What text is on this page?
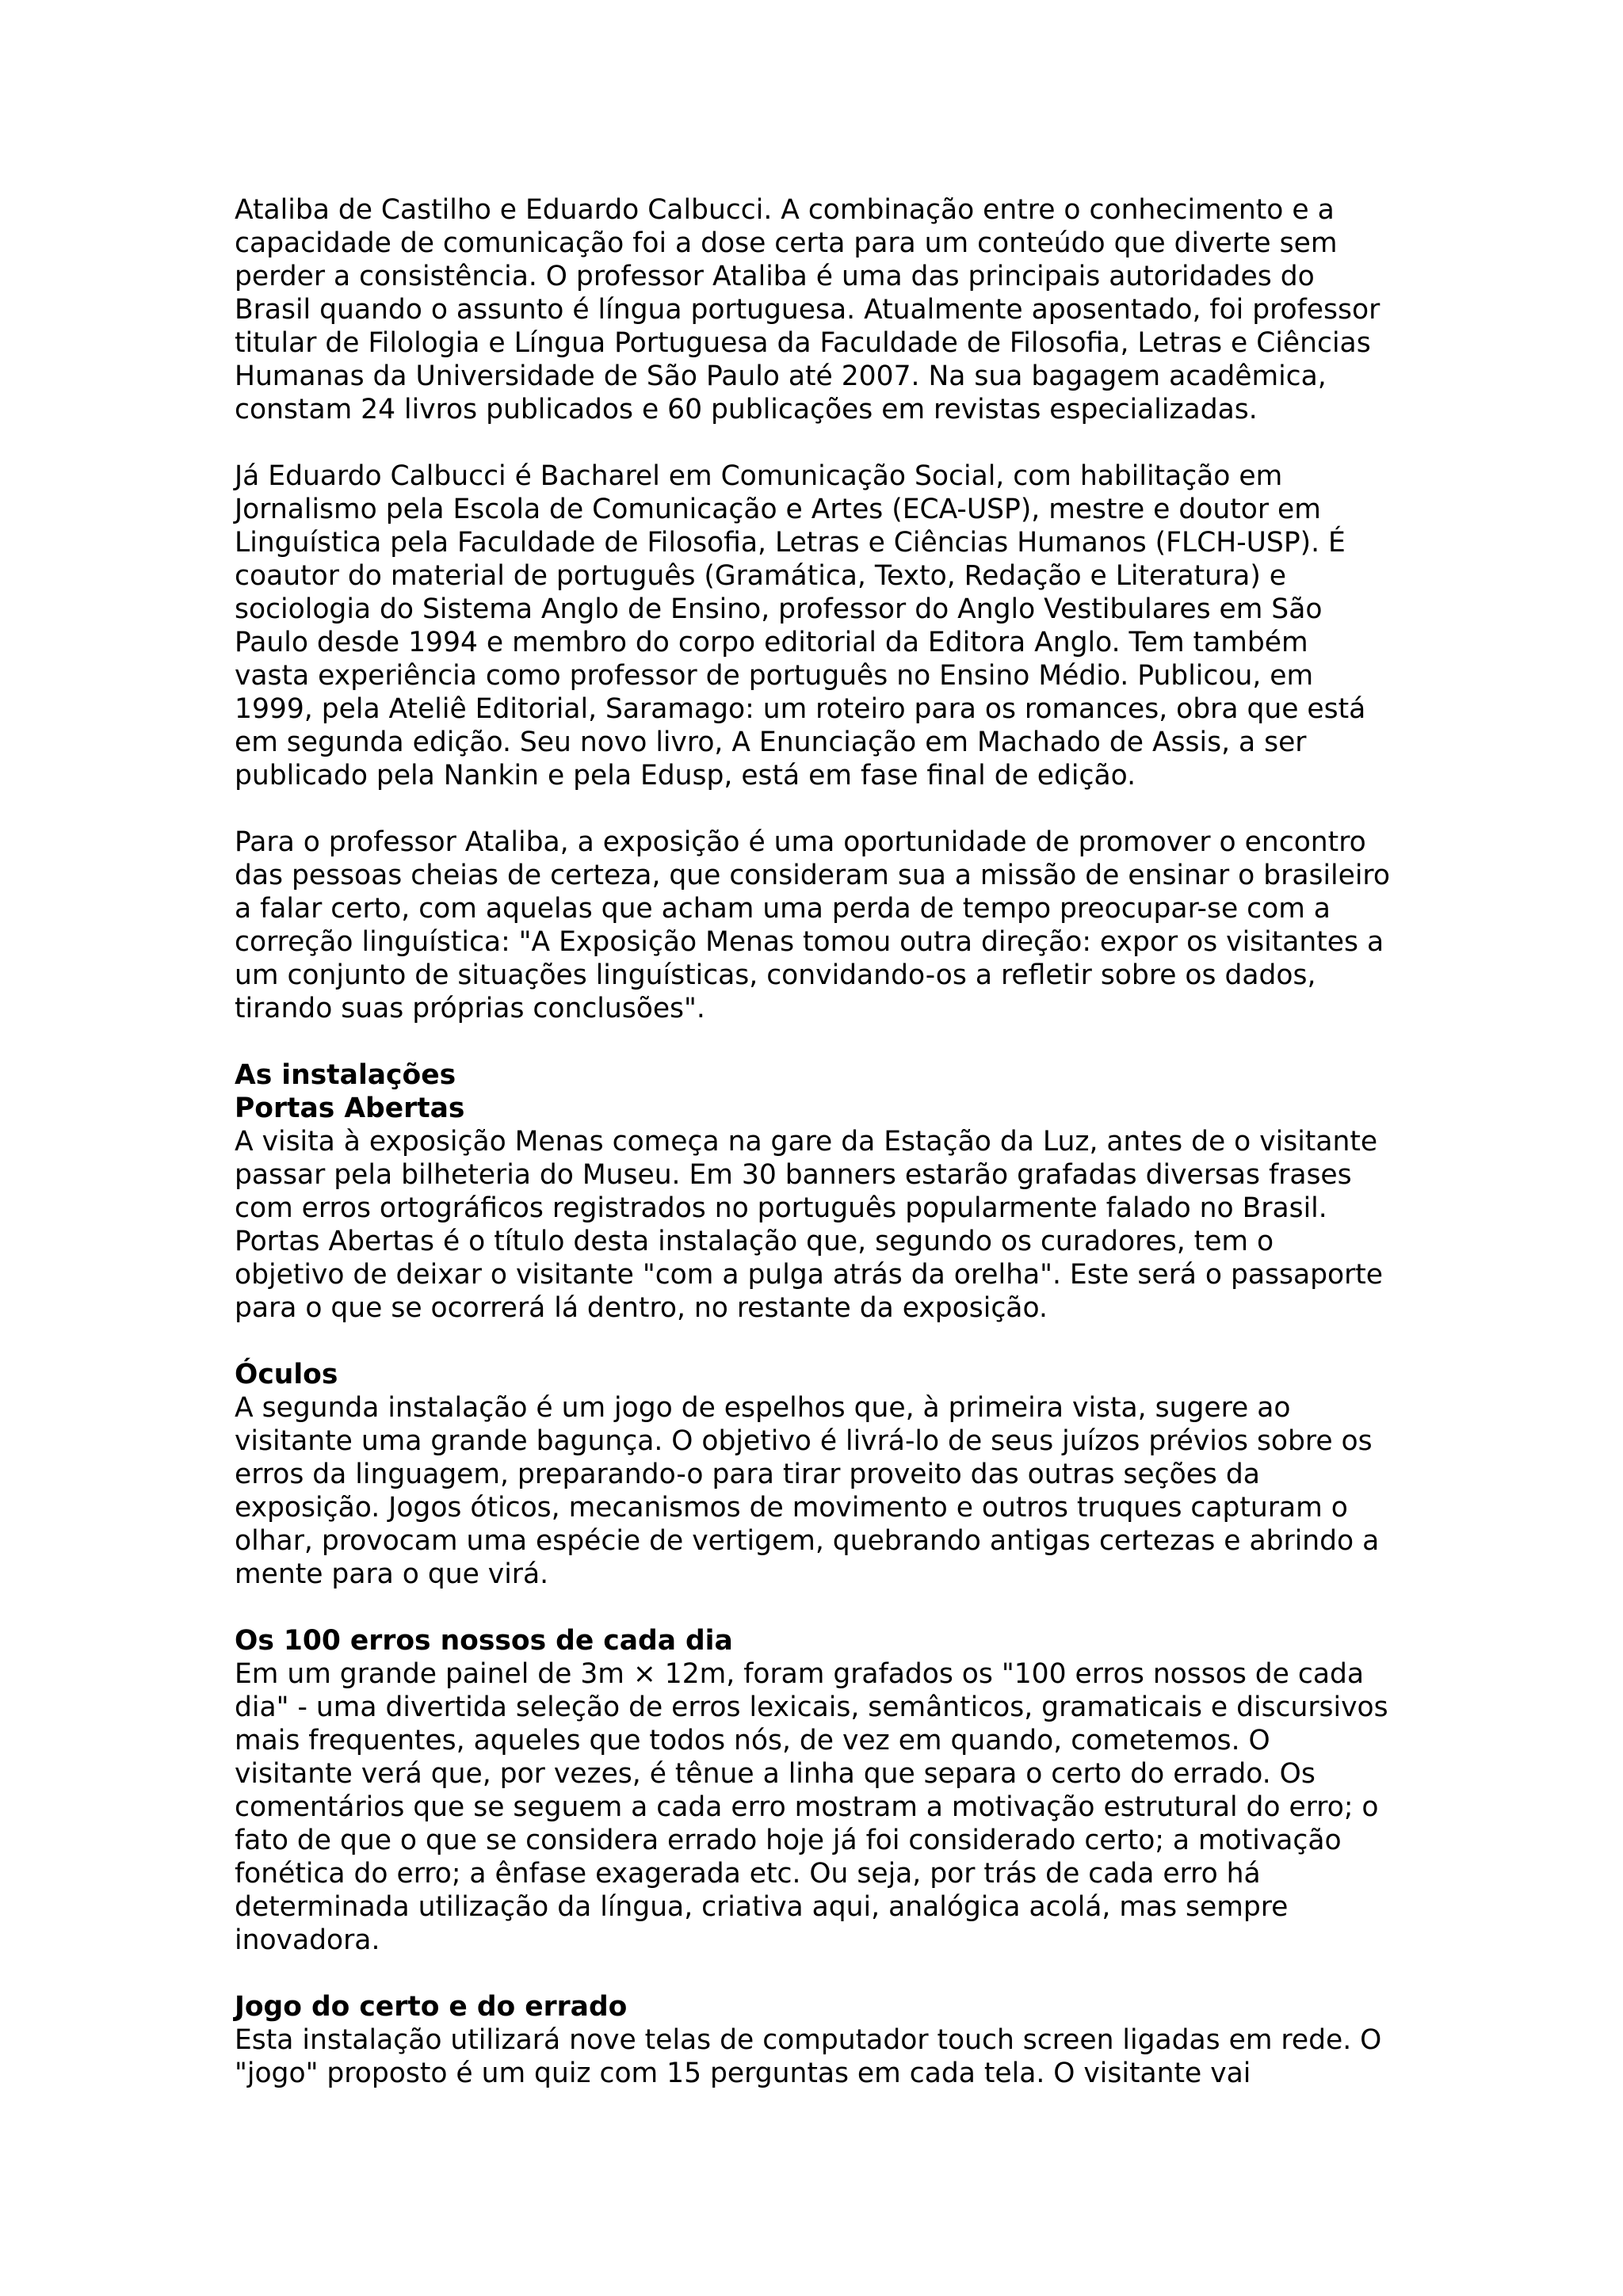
Ataliba de Castilho e Eduardo Calbucci. A combinação entre o conhecimento e a
capacidade de comunicação foi a dose certa para um conteúdo que diverte sem
perder a consistência. O professor Ataliba é uma das principais autoridades do
Brasil quando o assunto é língua portuguesa. Atualmente aposentado, foi professor
titular de Filologia e Língua Portuguesa da Faculdade de Filosofia, Letras e Ciências
Humanas da Universidade de São Paulo até 2007. Na sua bagagem acadêmica,
constam 24 livros publicados e 60 publicações em revistas especializadas.

Já Eduardo Calbucci é Bacharel em Comunicação Social, com habilitação em
Jornalismo pela Escola de Comunicação e Artes (ECA-USP), mestre e doutor em
Linguística pela Faculdade de Filosofia, Letras e Ciências Humanos (FLCH-USP). É
coautor do material de português (Gramática, Texto, Redação e Literatura) e
sociologia do Sistema Anglo de Ensino, professor do Anglo Vestibulares em São
Paulo desde 1994 e membro do corpo editorial da Editora Anglo. Tem também
vasta experiência como professor de português no Ensino Médio. Publicou, em
1999, pela Ateliê Editorial, Saramago: um roteiro para os romances, obra que está
em segunda edição. Seu novo livro, A Enunciação em Machado de Assis, a ser
publicado pela Nankin e pela Edusp, está em fase final de edição.

Para o professor Ataliba, a exposição é uma oportunidade de promover o encontro
das pessoas cheias de certeza, que consideram sua a missão de ensinar o brasileiro
a falar certo, com aquelas que acham uma perda de tempo preocupar-se com a
correção linguística: "A Exposição Menas tomou outra direção: expor os visitantes a
um conjunto de situações linguísticas, convidando-os a refletir sobre os dados,
tirando suas próprias conclusões".

As instalações

Portas Abertas

A visita à exposição Menas começa na gare da Estação da Luz, antes de o visitante
passar pela bilheteria do Museu. Em 30 banners estarão grafadas diversas frases
com erros ortográficos registrados no português popularmente falado no Brasil.
Portas Abertas é o título desta instalação que, segundo os curadores, tem o
objetivo de deixar o visitante "com a pulga atrás da orelha". Este será o passaporte
para o que se ocorrerá lá dentro, no restante da exposição.

Óculos

A segunda instalação é um jogo de espelhos que, à primeira vista, sugere ao
visitante uma grande bagunça. O objetivo é livrá-lo de seus juízos prévios sobre os
erros da linguagem, preparando-o para tirar proveito das outras seções da
exposição. Jogos óticos, mecanismos de movimento e outros truques capturam o
olhar, provocam uma espécie de vertigem, quebrando antigas certezas e abrindo a
mente para o que virá.

Os 100 erros nossos de cada dia

Em um grande painel de 3m × 12m, foram grafados os "100 erros nossos de cada
dia" - uma divertida seleção de erros lexicais, semânticos, gramaticais e discursivos
mais frequentes, aqueles que todos nós, de vez em quando, cometemos. O
visitante verá que, por vezes, é tênue a linha que separa o certo do errado. Os
comentários que se seguem a cada erro mostram a motivação estrutural do erro; o
fato de que o que se considera errado hoje já foi considerado certo; a motivação
fonética do erro; a ênfase exagerada etc. Ou seja, por trás de cada erro há
determinada utilização da língua, criativa aqui, analógica acolá, mas sempre
inovadora.

Jogo do certo e do errado

Esta instalação utilizará nove telas de computador touch screen ligadas em rede. O
"jogo" proposto é um quiz com 15 perguntas em cada tela. O visitante vai
